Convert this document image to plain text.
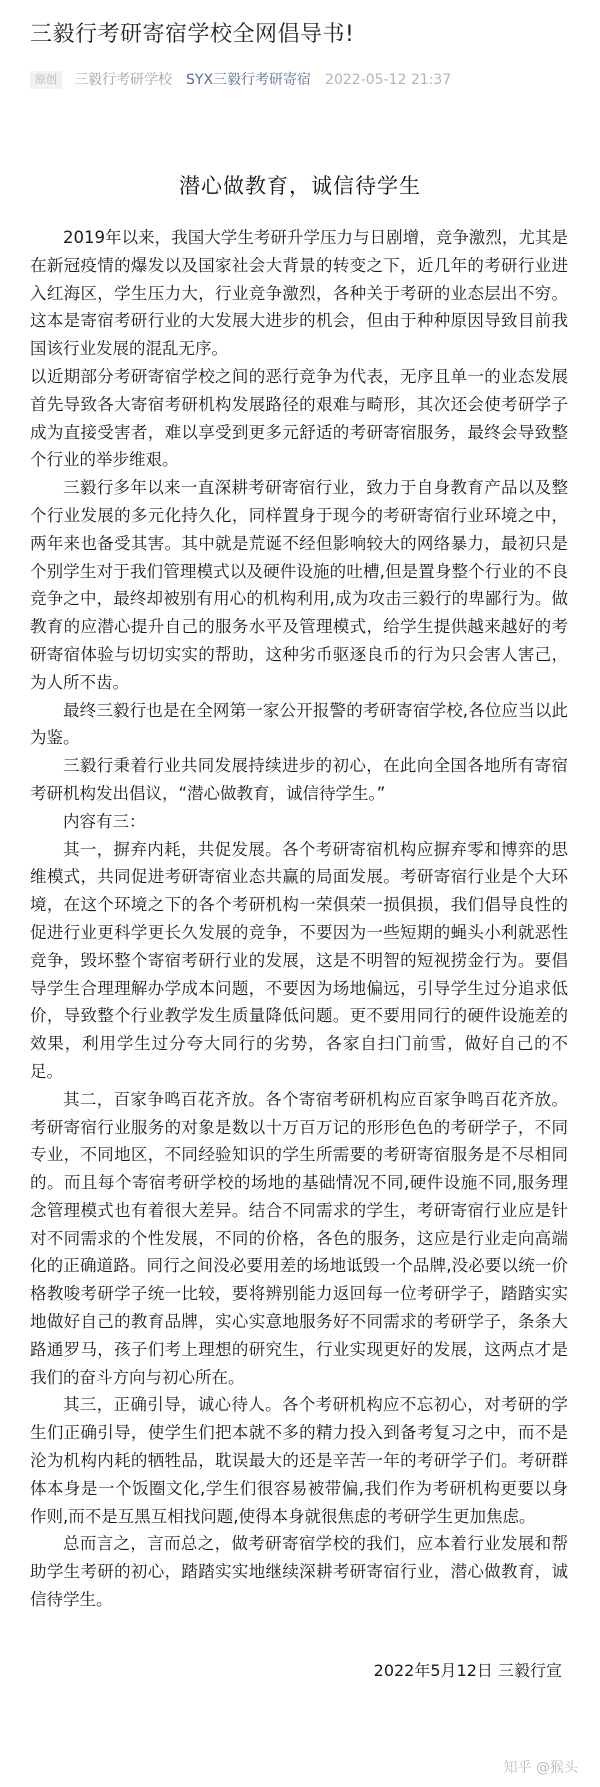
三毅行考研寄宿学校全网倡导书!
原创	三毅行考研学校 SYX三毅行考研寄宿 2022-05-12 21:37
潜心做教育，诚信待学生

2019年以来，我国大学生考研升学压力与日剧增，竞争激烈，尤其是在新冠疫情的爆发以及国家社会大背景的转变之下，近几年的考研行业进入红海区，学生压力大，行业竞争激烈，各种关于考研的业态层出不穷。这本是寄宿考研行业的大发展大进步的机会，但由于种种原因导致目前我国该行业发展的混乱无序。

以近期部分考研寄宿学校之间的恶行竞争为代表，无序且单一的业态发展首先导致各大寄宿考研机构发展路径的艰难与畸形，其次还会使考研学子成为直接受害者，难以享受到更多元舒适的考研寄宿服务，最终会导致整个行业的举步维艰。

三毅行多年以来一直深耕考研寄宿行业，致力于自身教育产品以及整个行业发展的多元化持久化，同样置身于现今的考研寄宿行业环境之中，两年来也备受其害。其中就是荒诞不经但影响较大的网络暴力，最初只是个别学生对于我们管理模式以及硬件设施的吐槽,但是置身整个行业的不良竞争之中，最终却被别有用心的机构利用,成为攻击三毅行的卑鄙行为。做教育的应潜心提升自己的服务水平及管理模式，给学生提供越来越好的考研寄宿体验与切切实实的帮助，这种劣币驱逐良币的行为只会害人害己，为人所不齿。

最终三毅行也是在全网第一家公开报警的考研寄宿学校,各位应当以此为鉴。

三毅行秉着行业共同发展持续进步的初心，在此向全国各地所有寄宿考研机构发出倡议，“潜心做教育，诚信待学生。”

内容有三：

其一，摒弃内耗，共促发展。各个考研寄宿机构应摒弃零和博弈的思维模式，共同促进考研寄宿业态共赢的局面发展。考研寄宿行业是个大环境，在这个环境之下的各个考研机构一荣俱荣一损俱损，我们倡导良性的促进行业更科学更长久发展的竞争，不要因为一些短期的蝇头小利就恶性竞争，毁坏整个寄宿考研行业的发展，这是不明智的短视捞金行为。要倡导学生合理理解办学成本问题，不要因为场地偏远，引导学生过分追求低价，导致整个行业教学发生质量降低问题。更不要用同行的硬件设施差的效果，利用学生过分夸大同行的劣势，各家自扫门前雪，做好自己的不足。

其二，百家争鸣百花齐放。各个寄宿考研机构应百家争鸣百花齐放。考研寄宿行业服务的对象是数以十万百万记的形形色色的考研学子，不同专业，不同地区，不同经验知识的学生所需要的考研寄宿服务是不尽相同的。而且每个寄宿考研学校的场地的基础情况不同,硬件设施不同,服务理念管理模式也有着很大差异。结合不同需求的学生，考研寄宿行业应是针对不同需求的个性发展，不同的价格，各色的服务，这应是行业走向高端化的正确道路。同行之间没必要用差的场地诋毁一个品牌,没必要以统一价格教唆考研学子统一比较，要将辨别能力返回每一位考研学子，踏踏实实地做好自己的教育品牌，实心实意地服务好不同需求的考研学子，条条大路通罗马，孩子们考上理想的研究生，行业实现更好的发展，这两点才是我们的奋斗方向与初心所在。

其三，正确引导，诚心待人。各个考研机构应不忘初心，对考研的学生们正确引导，使学生们把本就不多的精力投入到备考复习之中，而不是沦为机构内耗的牺牲品，耽误最大的还是辛苦一年的考研学子们。考研群体本身是一个饭圈文化,学生们很容易被带偏,我们作为考研机构更要以身作则,而不是互黑互相找问题,使得本身就很焦虑的考研学生更加焦虑。

总而言之，言而总之，做考研寄宿学校的我们，应本着行业发展和帮助学生考研的初心，踏踏实实地继续深耕考研寄宿行业，潜心做教育，诚信待学生。

2022年5月12日 三毅行宣
知乎 @猴头
